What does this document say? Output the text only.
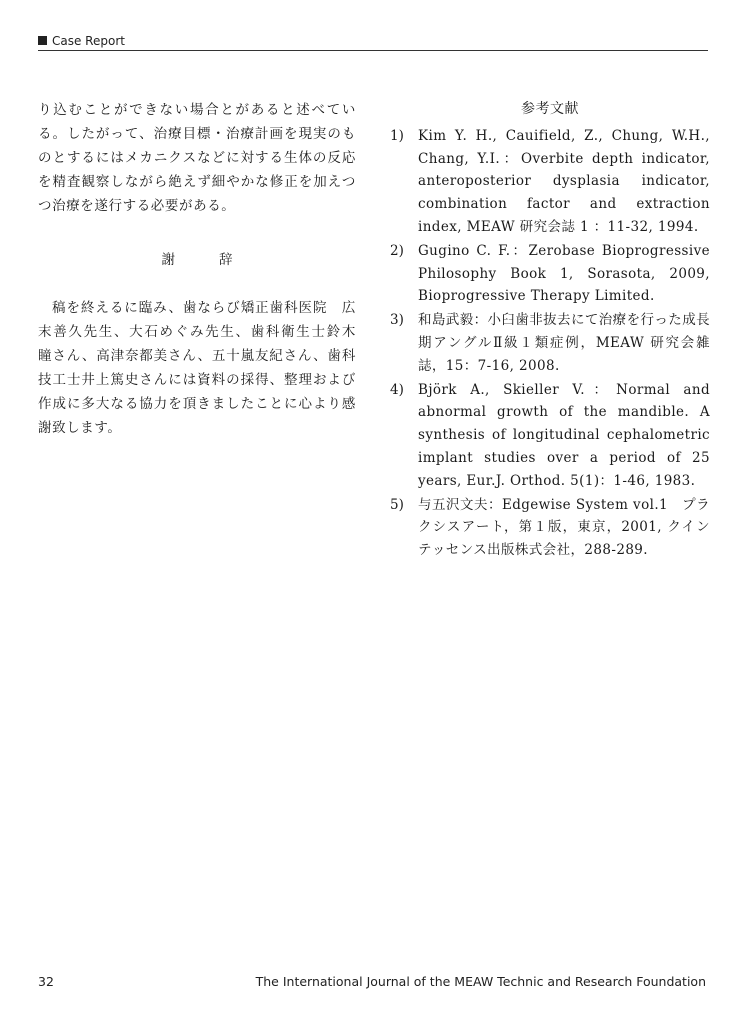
Case Report

り込むことができない場合とがあると述べている。したがって、治療目標・治療計画を現実のものとするにはメカニクスなどに対する生体の反応を精査観察しながら絶えず細やかな修正を加えつつ治療を遂行する必要がある。

謝	辞

稿を終えるに臨み、歯ならび矯正歯科医院　広末善久先生、大石めぐみ先生、歯科衛生士鈴木　瞳さん、高津奈都美さん、五十嵐友紀さん、歯科技工士井上篤史さんには資料の採得、整理および 作成に多大なる協力を頂きましたことに心より感謝致します。

参考文献
1)	Kim Y. H., Cauifield, Z., Chung, W.H., Chang, Y.I.：Overbite depth indicator, anteroposterior dysplasia indicator, combination factor and extraction index, MEAW 研究会誌 1 ：11-32, 1994.
2)	Gugino C. F.：Zerobase Bioprogressive Philosophy Book 1, Sorasota, 2009, Bioprogressive Therapy Limited.
3)	和島武毅：小臼歯非抜去にて治療を行った成長期アングルⅡ級１類症例，MEAW 研究会雑誌，15：7-16, 2008.
4)	Björk A., Skieller V.：Normal and abnormal growth of the mandible. A synthesis of longitudinal cephalometric implant studies over a period of 25 years, Eur.J. Orthod. 5(1)：1-46, 1983.
5)	与五沢文夫：Edgewise System vol.1　プラクシスアート，第１版，東京，2001, クインテッセンス出版株式会社，288-289.
32	The International Journal of the MEAW Technic and Research Foundation
